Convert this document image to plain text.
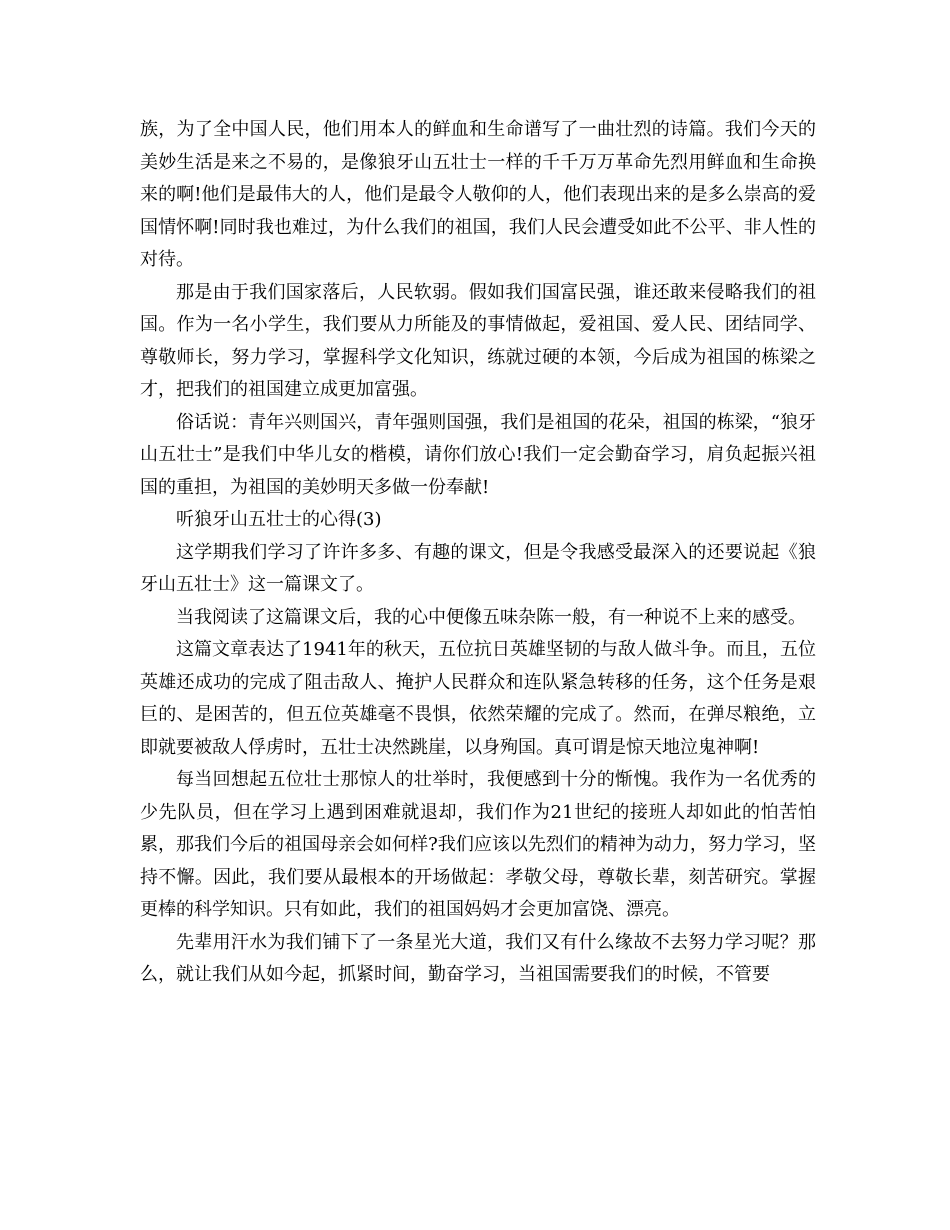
族，为了全中国人民，他们用本人的鲜血和生命谱写了一曲壮烈的诗篇。我们今天的美妙生活是来之不易的，是像狼牙山五壮士一样的千千万万革命先烈用鲜血和生命换来的啊!他们是最伟大的人，他们是最令人敬仰的人，他们表现出来的是多么崇高的爱国情怀啊!同时我也难过，为什么我们的祖国，我们人民会遭受如此不公平、非人性的对待。

那是由于我们国家落后，人民软弱。假如我们国富民强，谁还敢来侵略我们的祖国。作为一名小学生，我们要从力所能及的事情做起，爱祖国、爱人民、团结同学、尊敬师长，努力学习，掌握科学文化知识，练就过硬的本领，今后成为祖国的栋梁之才，把我们的祖国建立成更加富强。

俗话说：青年兴则国兴，青年强则国强，我们是祖国的花朵，祖国的栋梁，“狼牙山五壮士”是我们中华儿女的楷模，请你们放心!我们一定会勤奋学习，肩负起振兴祖国的重担，为祖国的美妙明天多做一份奉献!

听狼牙山五壮士的心得(3)

这学期我们学习了许许多多、有趣的课文，但是令我感受最深入的还要说起《狼牙山五壮士》这一篇课文了。

当我阅读了这篇课文后，我的心中便像五味杂陈一般，有一种说不上来的感受。

这篇文章表达了1941年的秋天，五位抗日英雄坚韧的与敌人做斗争。而且，五位英雄还成功的完成了阻击敌人、掩护人民群众和连队紧急转移的任务，这个任务是艰巨的、是困苦的，但五位英雄毫不畏惧，依然荣耀的完成了。然而，在弹尽粮绝，立即就要被敌人俘虏时，五壮士决然跳崖，以身殉国。真可谓是惊天地泣鬼神啊!

每当回想起五位壮士那惊人的壮举时，我便感到十分的惭愧。我作为一名优秀的少先队员，但在学习上遇到困难就退却，我们作为21世纪的接班人却如此的怕苦怕累，那我们今后的祖国母亲会如何样?我们应该以先烈们的精神为动力，努力学习，坚持不懈。因此，我们要从最根本的开场做起：孝敬父母，尊敬长辈，刻苦研究。掌握更棒的科学知识。只有如此，我们的祖国妈妈才会更加富饶、漂亮。

先辈用汗水为我们铺下了一条星光大道，我们又有什么缘故不去努力学习呢？那么，就让我们从如今起，抓紧时间，勤奋学习，当祖国需要我们的时候，不管要
